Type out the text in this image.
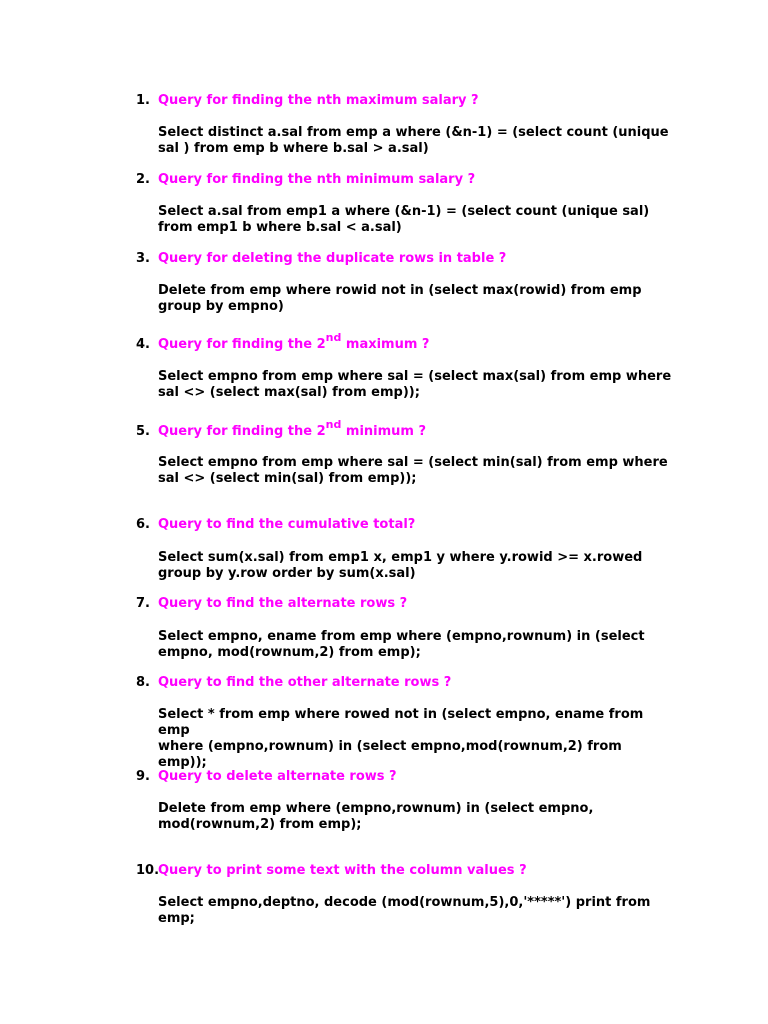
1. Query for finding the nth maximum salary ?
Select distinct a.sal from emp a where (&n-1) = (select count (unique
sal ) from emp b where b.sal > a.sal)
2. Query for finding the nth minimum salary ?
Select a.sal from emp1 a where (&n-1) = (select count (unique sal)
from emp1 b where b.sal < a.sal)
3. Query for deleting the duplicate rows in table ?
Delete from emp where rowid not in (select max(rowid) from emp
group by empno)
4. Query for finding the 2nd maximum ?
Select empno from emp where sal = (select max(sal) from emp where
sal <> (select max(sal) from emp));
5. Query for finding the 2nd minimum ?
Select empno from emp where sal = (select min(sal) from emp where
sal <> (select min(sal) from emp));
6. Query to find the cumulative total?
Select sum(x.sal) from emp1 x, emp1 y where y.rowid >= x.rowed
group by y.row order by sum(x.sal)
7. Query to find the alternate rows ?
Select empno, ename from emp where (empno,rownum) in (select
empno, mod(rownum,2) from emp);
8. Query to find the other alternate rows ?
Select * from emp where rowed not in (select empno, ename from emp
where (empno,rownum) in (select empno,mod(rownum,2) from
emp));
9. Query to delete alternate rows ?
Delete from emp where (empno,rownum) in (select empno,
mod(rownum,2) from emp);
10.
Query to print some text with the column values ?
Select empno,deptno, decode (mod(rownum,5),0,'*****') print from
emp;
